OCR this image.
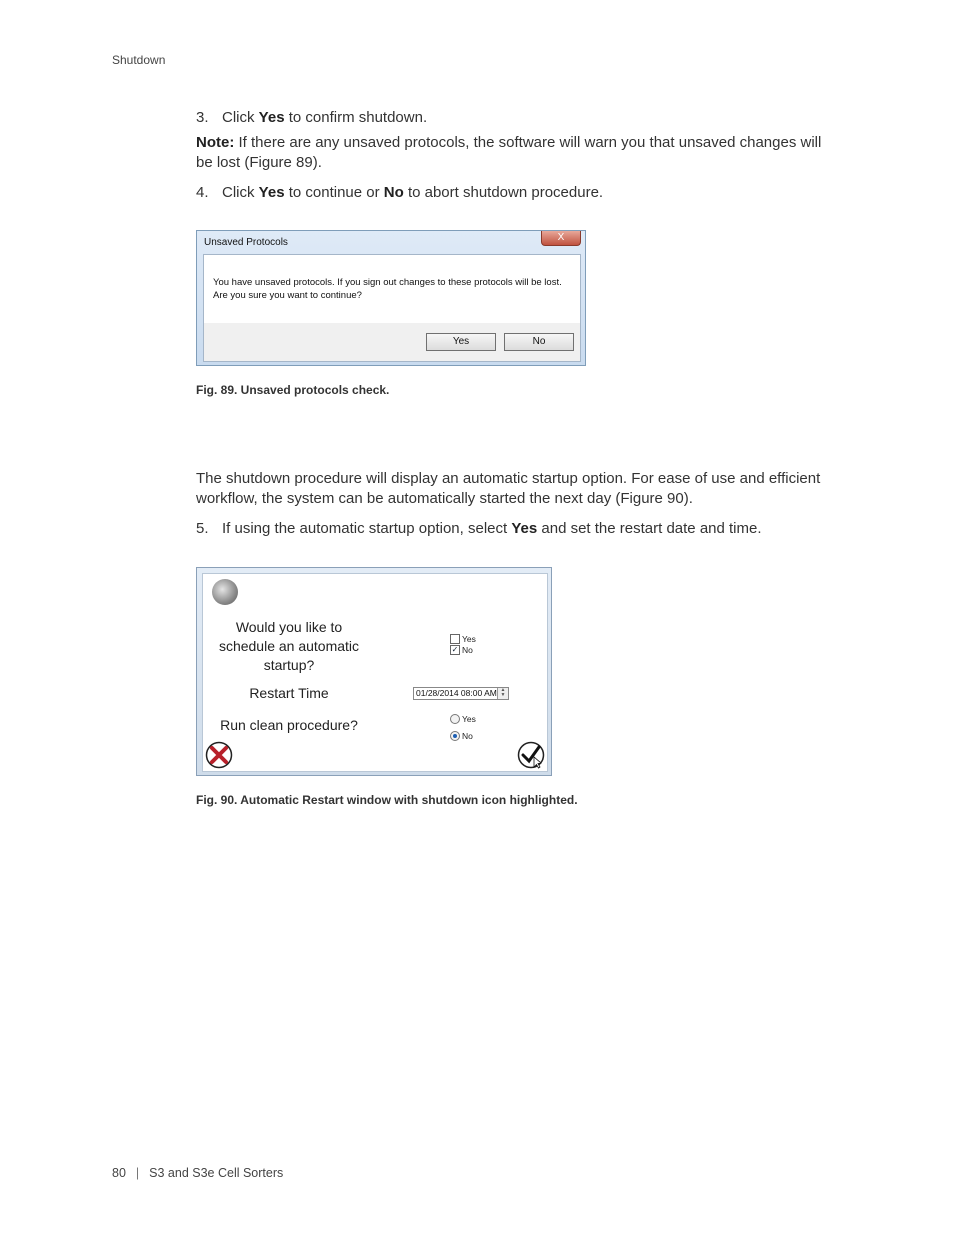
Shutdown
3. Click Yes to confirm shutdown.
Note: If there are any unsaved protocols, the software will warn you that unsaved changes will be lost (Figure 89).
4. Click Yes to continue or No to abort shutdown procedure.
Unsaved Protocols	X
You have unsaved protocols. If you sign out changes to these protocols will be lost. Are you sure you want to continue?
Yes	No
Fig. 89. Unsaved protocols check.
The shutdown procedure will display an automatic startup option. For ease of use and efficient workflow, the system can be automatically started the next day (Figure 90).
5. If using the automatic startup option, select Yes and set the restart date and time.
Would you like to
schedule an automatic
startup?
Yes
✓ No
Restart Time	01/28/2014 08:00 AM ▲
▼
Run clean procedure?	Yes
No
Fig. 90. Automatic Restart window with shutdown icon highlighted.
80 | S3 and S3e Cell Sorters
